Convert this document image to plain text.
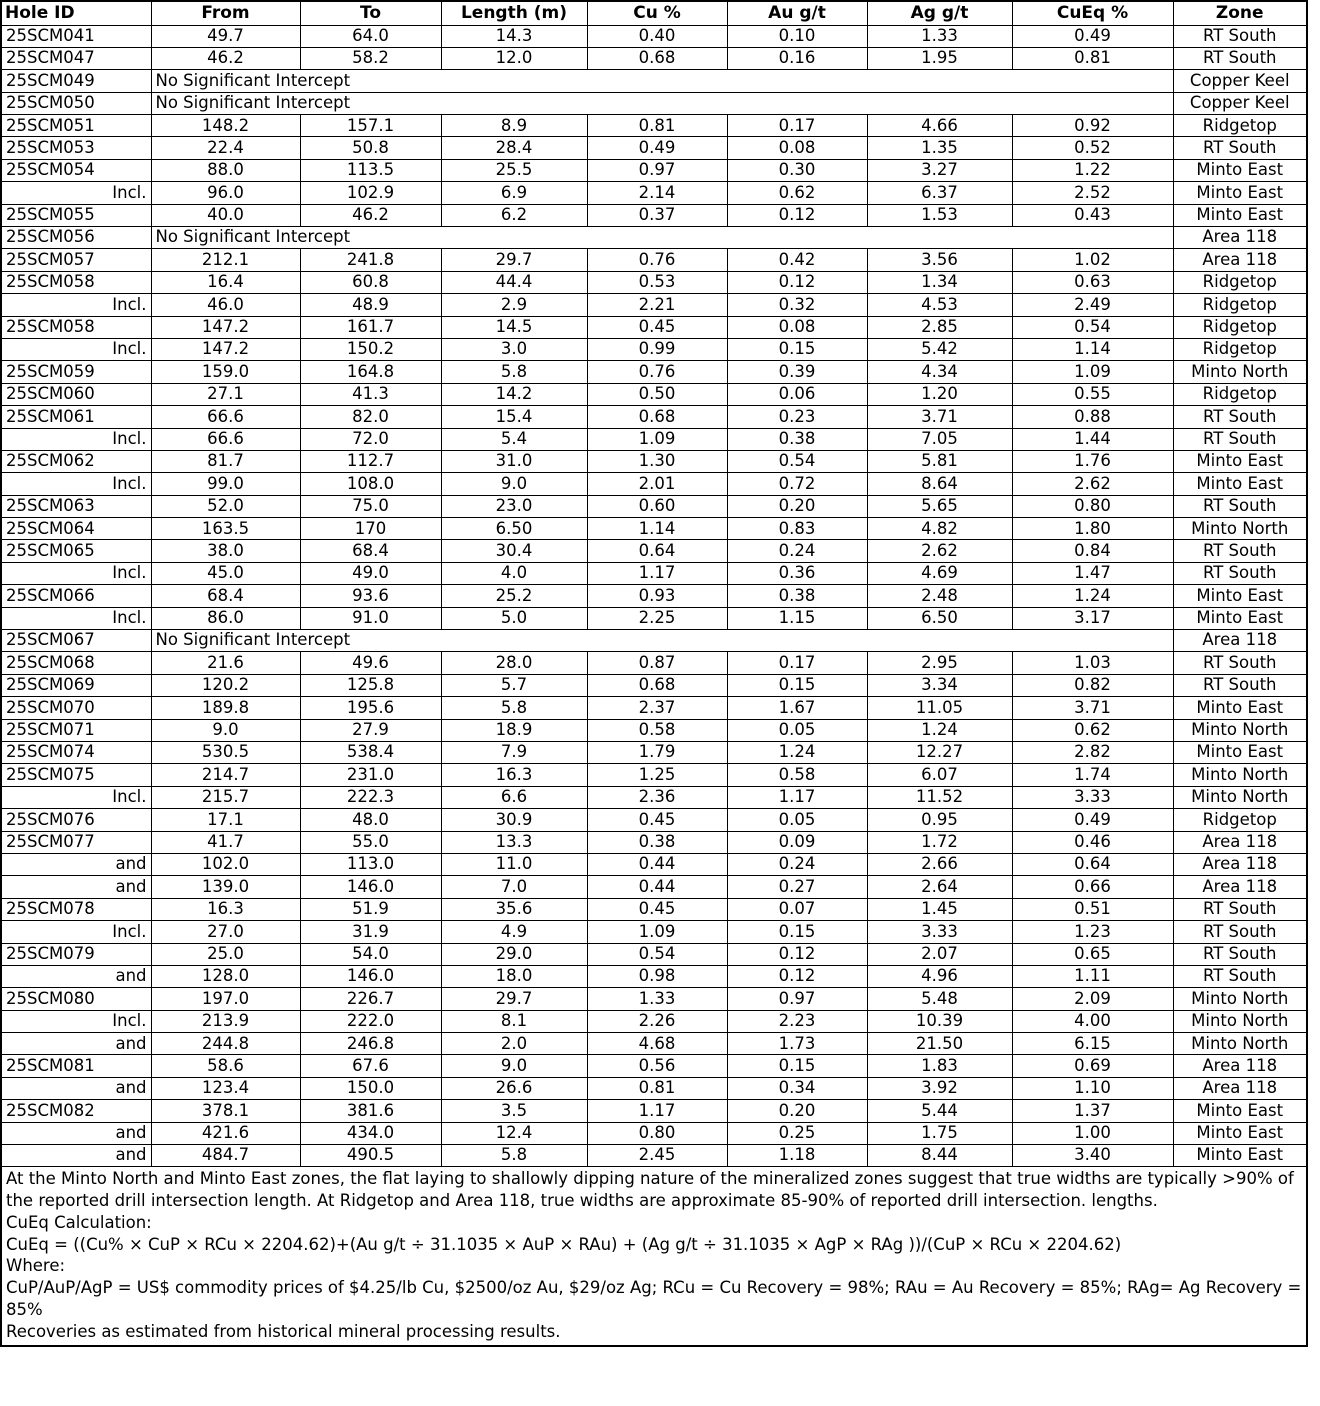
Hole ID	From	To	Length (m)	Cu %	Au g/t	Ag g/t	CuEq %	Zone
25SCM041	49.7	64.0	14.3	0.40	0.10	1.33	0.49	RT South
25SCM047	46.2	58.2	12.0	0.68	0.16	1.95	0.81	RT South
25SCM049	No Significant Intercept							Copper Keel
25SCM050	No Significant Intercept							Copper Keel
25SCM051	148.2	157.1	8.9	0.81	0.17	4.66	0.92	Ridgetop
25SCM053	22.4	50.8	28.4	0.49	0.08	1.35	0.52	RT South
25SCM054	88.0	113.5	25.5	0.97	0.30	3.27	1.22	Minto East
Incl.	96.0	102.9	6.9	2.14	0.62	6.37	2.52	Minto East
25SCM055	40.0	46.2	6.2	0.37	0.12	1.53	0.43	Minto East
25SCM056	No Significant Intercept							Area 118
25SCM057	212.1	241.8	29.7	0.76	0.42	3.56	1.02	Area 118
25SCM058	16.4	60.8	44.4	0.53	0.12	1.34	0.63	Ridgetop
Incl.	46.0	48.9	2.9	2.21	0.32	4.53	2.49	Ridgetop
25SCM058	147.2	161.7	14.5	0.45	0.08	2.85	0.54	Ridgetop
Incl.	147.2	150.2	3.0	0.99	0.15	5.42	1.14	Ridgetop
25SCM059	159.0	164.8	5.8	0.76	0.39	4.34	1.09	Minto North
25SCM060	27.1	41.3	14.2	0.50	0.06	1.20	0.55	Ridgetop
25SCM061	66.6	82.0	15.4	0.68	0.23	3.71	0.88	RT South
Incl.	66.6	72.0	5.4	1.09	0.38	7.05	1.44	RT South
25SCM062	81.7	112.7	31.0	1.30	0.54	5.81	1.76	Minto East
Incl.	99.0	108.0	9.0	2.01	0.72	8.64	2.62	Minto East
25SCM063	52.0	75.0	23.0	0.60	0.20	5.65	0.80	RT South
25SCM064	163.5	170	6.50	1.14	0.83	4.82	1.80	Minto North
25SCM065	38.0	68.4	30.4	0.64	0.24	2.62	0.84	RT South
Incl.	45.0	49.0	4.0	1.17	0.36	4.69	1.47	RT South
25SCM066	68.4	93.6	25.2	0.93	0.38	2.48	1.24	Minto East
Incl.	86.0	91.0	5.0	2.25	1.15	6.50	3.17	Minto East
25SCM067	No Significant Intercept							Area 118
25SCM068	21.6	49.6	28.0	0.87	0.17	2.95	1.03	RT South
25SCM069	120.2	125.8	5.7	0.68	0.15	3.34	0.82	RT South
25SCM070	189.8	195.6	5.8	2.37	1.67	11.05	3.71	Minto East
25SCM071	9.0	27.9	18.9	0.58	0.05	1.24	0.62	Minto North
25SCM074	530.5	538.4	7.9	1.79	1.24	12.27	2.82	Minto East
25SCM075	214.7	231.0	16.3	1.25	0.58	6.07	1.74	Minto North
Incl.	215.7	222.3	6.6	2.36	1.17	11.52	3.33	Minto North
25SCM076	17.1	48.0	30.9	0.45	0.05	0.95	0.49	Ridgetop
25SCM077	41.7	55.0	13.3	0.38	0.09	1.72	0.46	Area 118
and	102.0	113.0	11.0	0.44	0.24	2.66	0.64	Area 118
and	139.0	146.0	7.0	0.44	0.27	2.64	0.66	Area 118
25SCM078	16.3	51.9	35.6	0.45	0.07	1.45	0.51	RT South
Incl.	27.0	31.9	4.9	1.09	0.15	3.33	1.23	RT South
25SCM079	25.0	54.0	29.0	0.54	0.12	2.07	0.65	RT South
and	128.0	146.0	18.0	0.98	0.12	4.96	1.11	RT South
25SCM080	197.0	226.7	29.7	1.33	0.97	5.48	2.09	Minto North
Incl.	213.9	222.0	8.1	2.26	2.23	10.39	4.00	Minto North
and	244.8	246.8	2.0	4.68	1.73	21.50	6.15	Minto North
25SCM081	58.6	67.6	9.0	0.56	0.15	1.83	0.69	Area 118
and	123.4	150.0	26.6	0.81	0.34	3.92	1.10	Area 118
25SCM082	378.1	381.6	3.5	1.17	0.20	5.44	1.37	Minto East
and	421.6	434.0	12.4	0.80	0.25	1.75	1.00	Minto East
and	484.7	490.5	5.8	2.45	1.18	8.44	3.40	Minto East

At the Minto North and Minto East zones, the flat laying to shallowly dipping nature of the mineralized zones suggest that true widths are typically >90% of the reported drill intersection length. At Ridgetop and Area 118, true widths are approximate 85-90% of reported drill intersection. lengths.

CuEq Calculation:

CuEq = ((Cu% × CuP × RCu × 2204.62)+(Au g/t ÷ 31.1035 × AuP × RAu) + (Ag g/t ÷ 31.1035 × AgP × RAg ))/(CuP × RCu × 2204.62)

Where:

CuP/AuP/AgP = US$ commodity prices of $4.25/lb Cu, $2500/oz Au, $29/oz Ag; RCu = Cu Recovery = 98%; RAu = Au Recovery = 85%; RAg= Ag Recovery = 85%

Recoveries as estimated from historical mineral processing results.
